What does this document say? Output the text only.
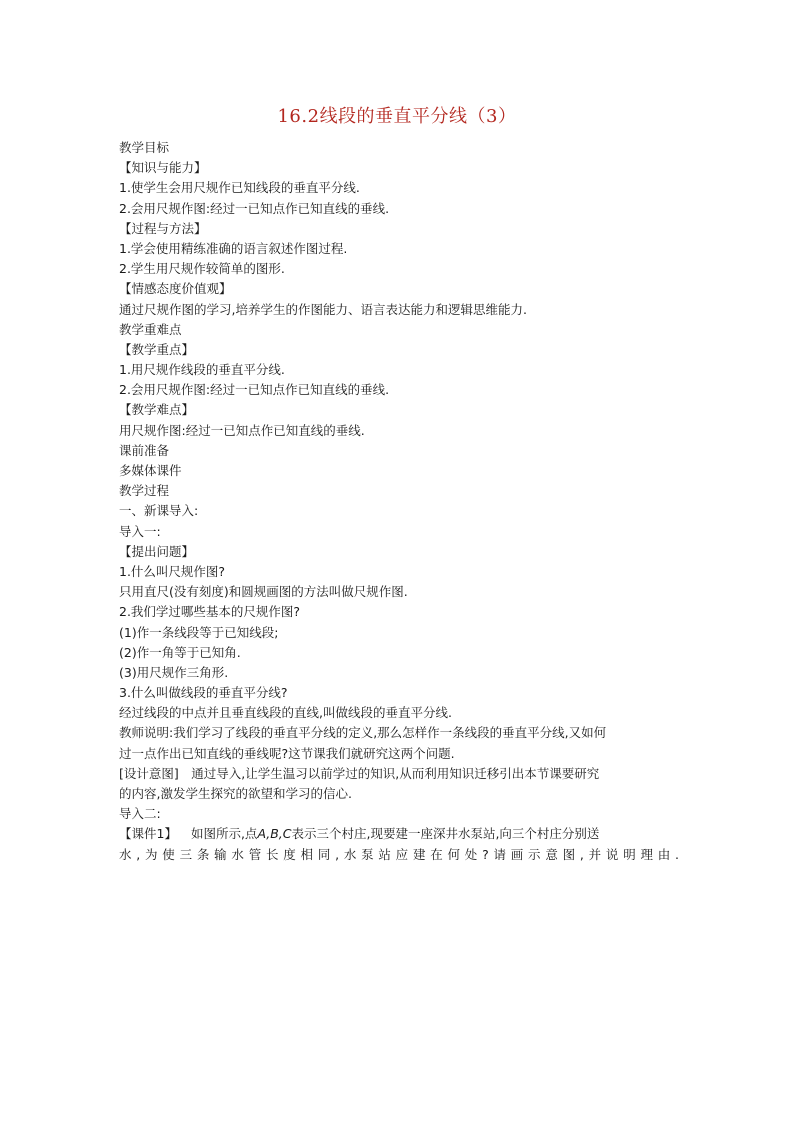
16.2线段的垂直平分线（3）
教学目标
【知识与能力】
1.使学生会用尺规作已知线段的垂直平分线.
2.会用尺规作图:经过一已知点作已知直线的垂线.
【过程与方法】
1.学会使用精练准确的语言叙述作图过程.
2.学生用尺规作较简单的图形.
【情感态度价值观】
通过尺规作图的学习,培养学生的作图能力、语言表达能力和逻辑思维能力.
教学重难点
【教学重点】
1.用尺规作线段的垂直平分线.
2.会用尺规作图:经过一已知点作已知直线的垂线.
【教学难点】
用尺规作图:经过一已知点作已知直线的垂线.
课前准备
多媒体课件
教学过程
一、新课导入:
导入一:
【提出问题】
1.什么叫尺规作图?
只用直尺(没有刻度)和圆规画图的方法叫做尺规作图.
2.我们学过哪些基本的尺规作图?
(1)作一条线段等于已知线段;
(2)作一角等于已知角.
(3)用尺规作三角形.
3.什么叫做线段的垂直平分线?
经过线段的中点并且垂直线段的直线,叫做线段的垂直平分线.
教师说明:我们学习了线段的垂直平分线的定义,那么怎样作一条线段的垂直平分线,又如何
过一点作出已知直线的垂线呢?这节课我们就研究这两个问题.
[设计意图]　通过导入,让学生温习以前学过的知识,从而利用知识迁移引出本节课要研究
的内容,激发学生探究的欲望和学习的信心.
导入二:
【课件1】 如图所示,点A,B,C表示三个村庄,现要建一座深井水泵站,向三个村庄分别送
水,为使三条输水管长度相同,水泵站应建在何处?请画示意图,并说明理由.
